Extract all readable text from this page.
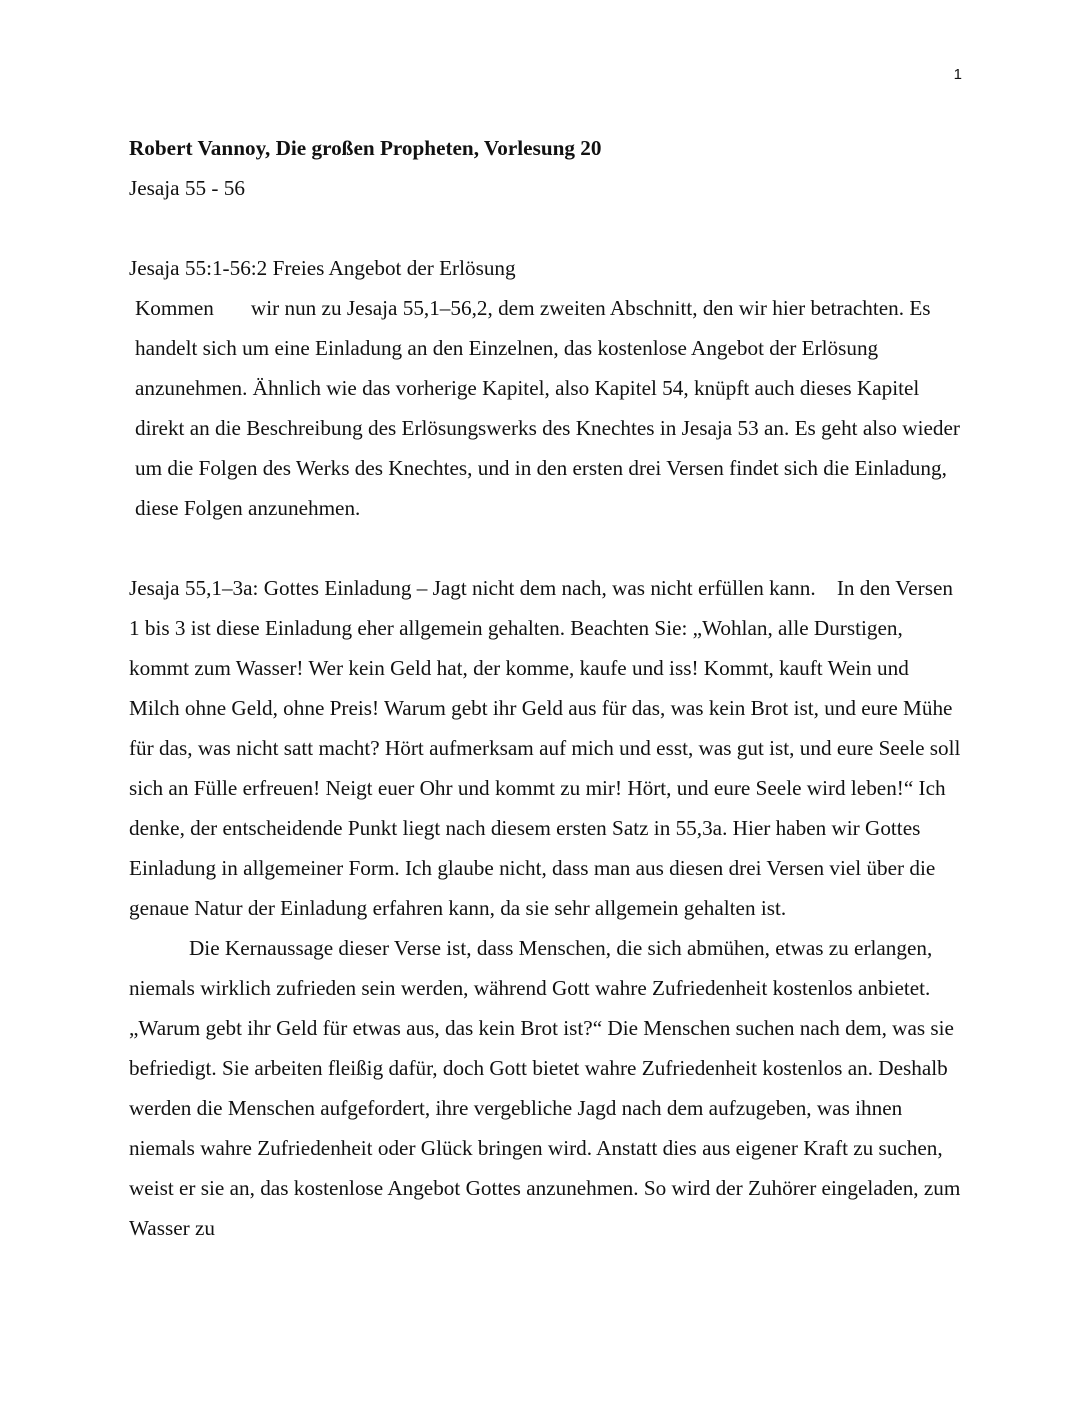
1

Robert Vannoy, Die großen Propheten, Vorlesung 20

Jesaja 55 - 56

Jesaja 55:1-56:2 Freies Angebot der Erlösung

Kommen       wir nun zu Jesaja 55,1–56,2, dem zweiten Abschnitt, den wir hier betrachten. Es handelt sich um eine Einladung an den Einzelnen, das kostenlose Angebot der Erlösung anzunehmen. Ähnlich wie das vorherige Kapitel, also Kapitel 54, knüpft auch dieses Kapitel direkt an die Beschreibung des Erlösungswerks des Knechtes in Jesaja 53 an. Es geht also wieder um die Folgen des Werks des Knechtes, und in den ersten drei Versen findet sich die Einladung, diese Folgen anzunehmen.

Jesaja 55,1–3a: Gottes Einladung – Jagt nicht dem nach, was nicht erfüllen kann.    In den Versen 1 bis 3 ist diese Einladung eher allgemein gehalten. Beachten Sie: „Wohlan, alle Durstigen, kommt zum Wasser! Wer kein Geld hat, der komme, kaufe und iss! Kommt, kauft Wein und Milch ohne Geld, ohne Preis! Warum gebt ihr Geld aus für das, was kein Brot ist, und eure Mühe für das, was nicht satt macht? Hört aufmerksam auf mich und esst, was gut ist, und eure Seele soll sich an Fülle erfreuen! Neigt euer Ohr und kommt zu mir! Hört, und eure Seele wird leben!“ Ich denke, der entscheidende Punkt liegt nach diesem ersten Satz in 55,3a. Hier haben wir Gottes Einladung in allgemeiner Form. Ich glaube nicht, dass man aus diesen drei Versen viel über die genaue Natur der Einladung erfahren kann, da sie sehr allgemein gehalten ist.

Die Kernaussage dieser Verse ist, dass Menschen, die sich abmühen, etwas zu erlangen, niemals wirklich zufrieden sein werden, während Gott wahre Zufriedenheit kostenlos anbietet. „Warum gebt ihr Geld für etwas aus, das kein Brot ist?“ Die Menschen suchen nach dem, was sie befriedigt. Sie arbeiten fleißig dafür, doch Gott bietet wahre Zufriedenheit kostenlos an. Deshalb werden die Menschen aufgefordert, ihre vergebliche Jagd nach dem aufzugeben, was ihnen niemals wahre Zufriedenheit oder Glück bringen wird. Anstatt dies aus eigener Kraft zu suchen, weist er sie an, das kostenlose Angebot Gottes anzunehmen. So wird der Zuhörer eingeladen, zum Wasser zu
